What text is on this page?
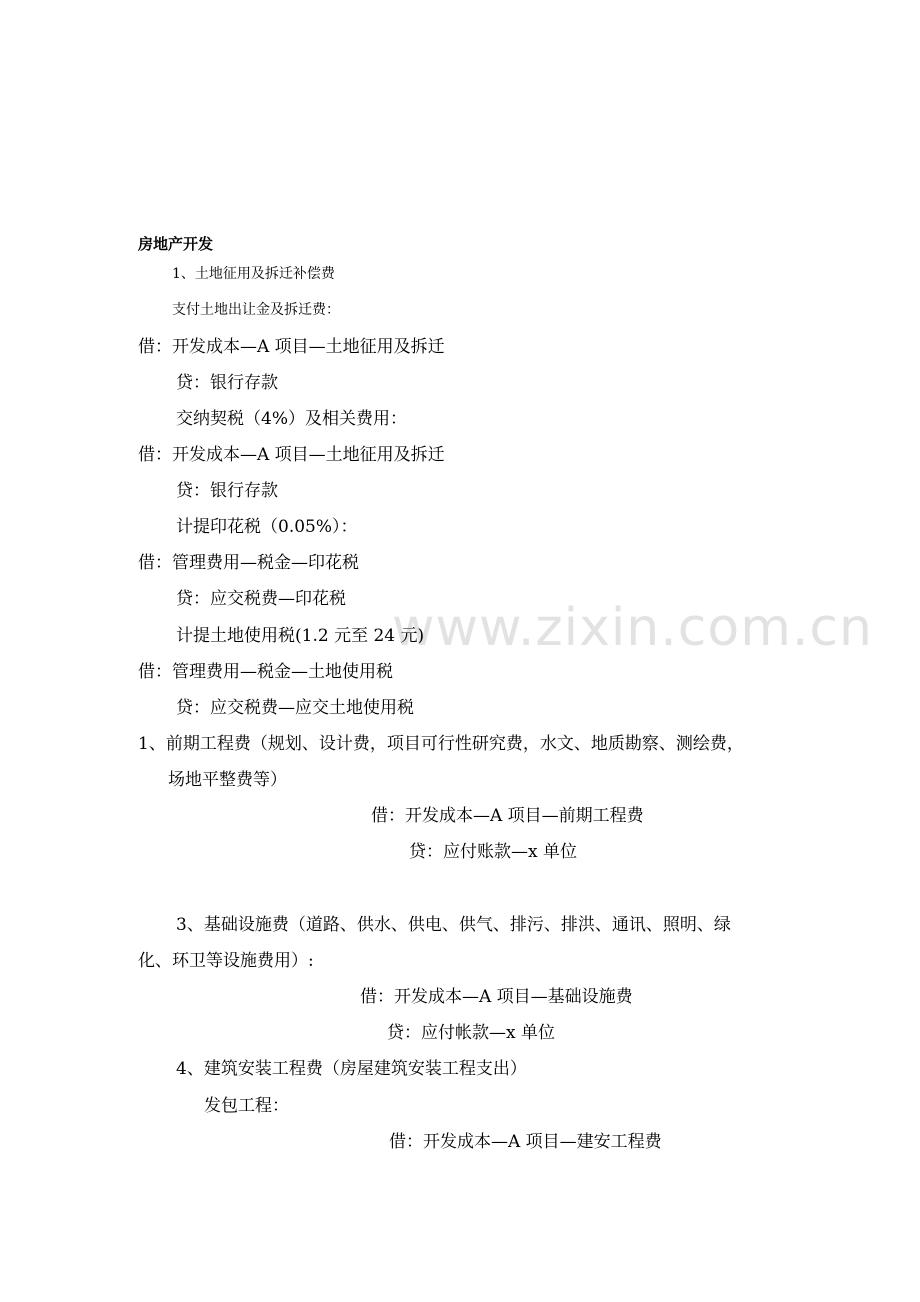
www.zixin.com.cn
房地产开发
1、土地征用及拆迁补偿费
支付土地出让金及拆迁费：
借：开发成本—A 项目—土地征用及拆迁
贷：银行存款
交纳契税（4%）及相关费用：
借：开发成本—A 项目—土地征用及拆迁
贷：银行存款
计提印花税（0.05%）：
借：管理费用—税金—印花税
贷：应交税费—印花税
计提土地使用税(1.2 元至 24 元)
借：管理费用—税金—土地使用税
贷：应交税费—应交土地使用税
1、前期工程费（规划、设计费，项目可行性研究费，水文、地质勘察、测绘费，
场地平整费等）
借：开发成本—A 项目—前期工程费
贷：应付账款—x 单位
3、基础设施费（道路、供水、供电、供气、排污、排洪、通讯、照明、绿
化、环卫等设施费用）:
借：开发成本—A 项目—基础设施费
贷：应付帐款—x 单位
4、建筑安装工程费（房屋建筑安装工程支出）
发包工程：
借：开发成本—A 项目—建安工程费
